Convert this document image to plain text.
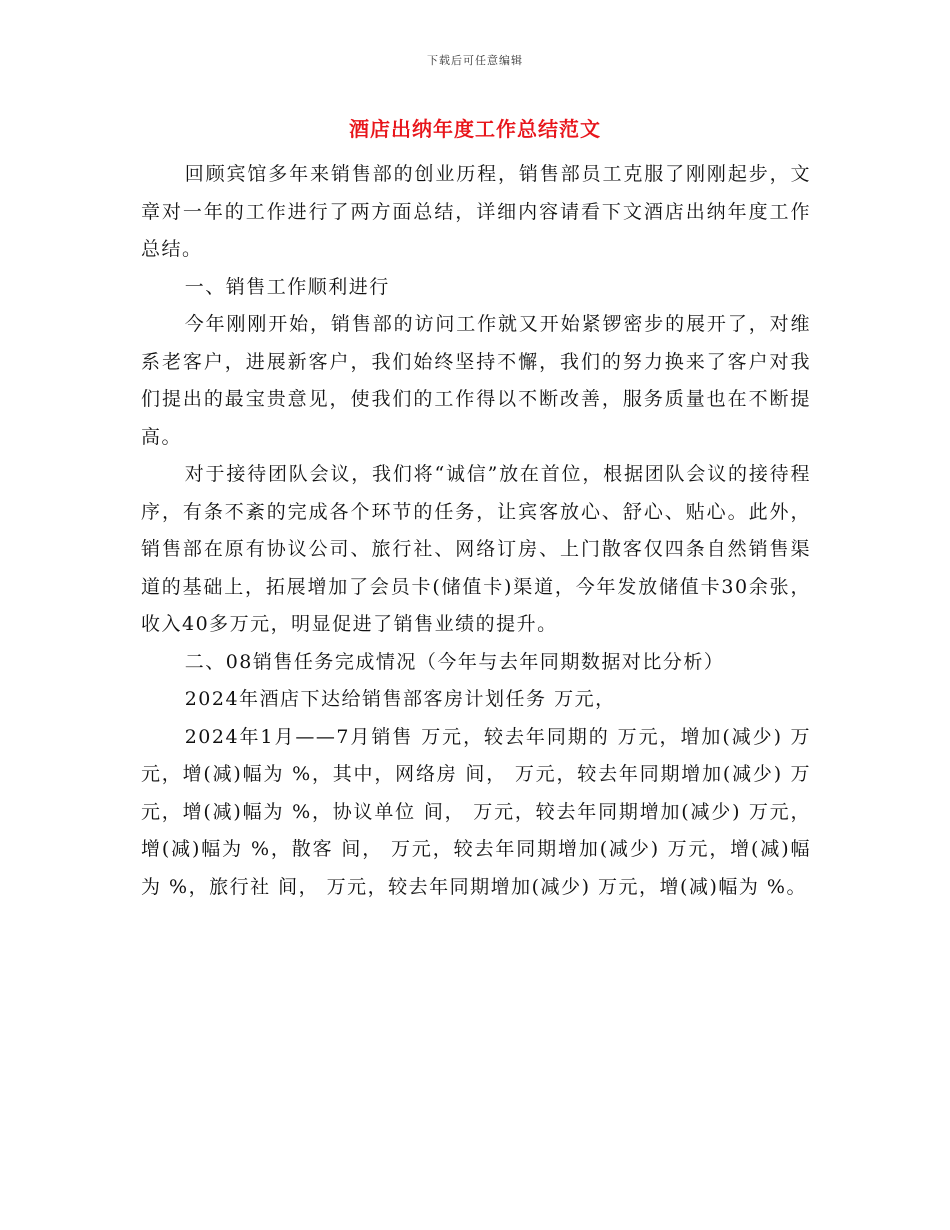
下载后可任意编辑
酒店出纳年度工作总结范文

回顾宾馆多年来销售部的创业历程，销售部员工克服了刚刚起步，文章对一年的工作进行了两方面总结，详细内容请看下文酒店出纳年度工作总结。

一、销售工作顺利进行

今年刚刚开始，销售部的访问工作就又开始紧锣密步的展开了，对维系老客户，进展新客户，我们始终坚持不懈，我们的努力换来了客户对我们提出的最宝贵意见，使我们的工作得以不断改善，服务质量也在不断提高。

对于接待团队会议，我们将“诚信”放在首位，根据团队会议的接待程序，有条不紊的完成各个环节的任务，让宾客放心、舒心、贴心。此外，销售部在原有协议公司、旅行社、网络订房、上门散客仅四条自然销售渠道的基础上，拓展增加了会员卡(储值卡)渠道，今年发放储值卡30余张，收入40多万元，明显促进了销售业绩的提升。

二、08销售任务完成情况（今年与去年同期数据对比分析）

2024年酒店下达给销售部客房计划任务 万元，

2024年1月——7月销售 万元，较去年同期的 万元，增加(减少) 万元，增(减)幅为 %，其中，网络房 间， 万元，较去年同期增加(减少) 万元，增(减)幅为 %，协议单位 间， 万元，较去年同期增加(减少) 万元，增(减)幅为 %，散客 间， 万元，较去年同期增加(减少) 万元，增(减)幅为 %，旅行社 间， 万元，较去年同期增加(减少) 万元，增(减)幅为 %。
